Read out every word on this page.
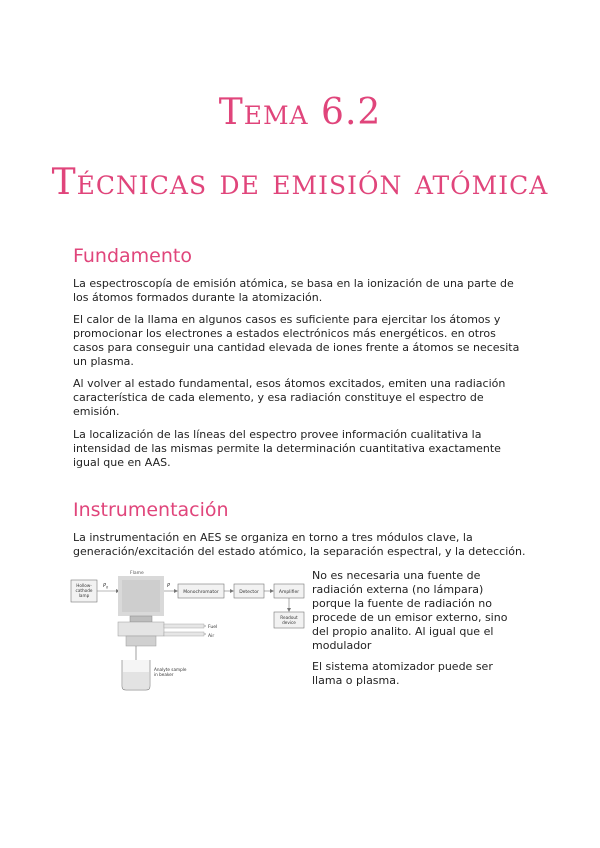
Tema 6.2
Técnicas de emisión atómica
Fundamento

La espectroscopía de emisión atómica, se basa en la ionización de una parte de los átomos formados durante la atomización.

El calor de la llama en algunos casos es suficiente para ejercitar los átomos y promocionar los electrones a estados electrónicos más energéticos. en otros casos para conseguir una cantidad elevada de iones frente a átomos se necesita un plasma.

Al volver al estado fundamental, esos átomos excitados, emiten una radiación característica de cada elemento, y esa radiación constituye el espectro de emisión.

La localización de las líneas del espectro provee información cualitativa la intensidad de las mismas permite la determinación cuantitativa exactamente igual que en AAS.

Instrumentación

La instrumentación en AES se organiza en torno a tres módulos clave, la generación/excitación del estado atómico, la separación espectral, y la detección.

Hollow-cathode lamp
$P_0$
Flame
P
Monochromator	Detector	Amplifier
Readout device
Fuel
Air
Analyte sample in beaker

No es necesaria una fuente de radiación externa (no lámpara) porque la fuente de radiación no procede de un emisor externo, sino del propio analito. Al igual que el modulador

El sistema atomizador puede ser llama o plasma.
